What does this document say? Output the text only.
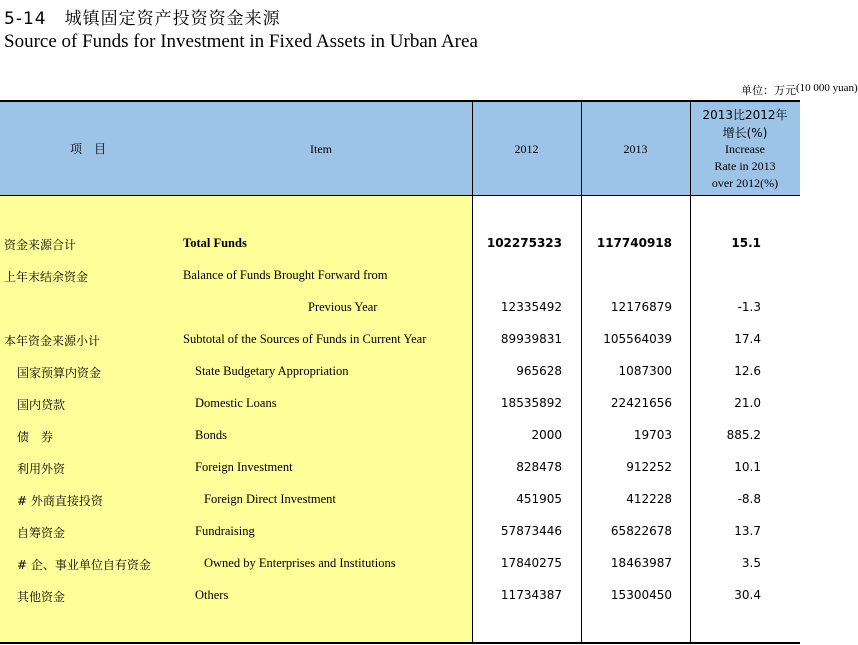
5-14　城镇固定资产投资资金来源
Source of Funds for Investment in Fixed Assets in Urban Area
单位：万元 (10 000 yuan)
项　目	Item	2012	2013
2013比2012年
增长(%)
Increase
Rate in 2013
over 2012(%)
资金来源合计	Total Funds	102275323	117740918	15.1
上年末结余资金	Balance of Funds Brought Forward from
Previous Year	12335492	12176879	-1.3
本年资金来源小计	Subtotal of the Sources of Funds in Current Year	89939831	105564039	17.4
国家预算内资金	State Budgetary Appropriation	965628	1087300	12.6
国内贷款	Domestic Loans	18535892	22421656	21.0
债　券	Bonds	2000	19703	885.2
利用外资	Foreign Investment	828478	912252	10.1
# 外商直接投资	Foreign Direct Investment	451905	412228	-8.8
自筹资金	Fundraising	57873446	65822678	13.7
# 企、事业单位自有资金	Owned by Enterprises and Institutions	17840275	18463987	3.5
其他资金	Others	11734387	15300450	30.4
